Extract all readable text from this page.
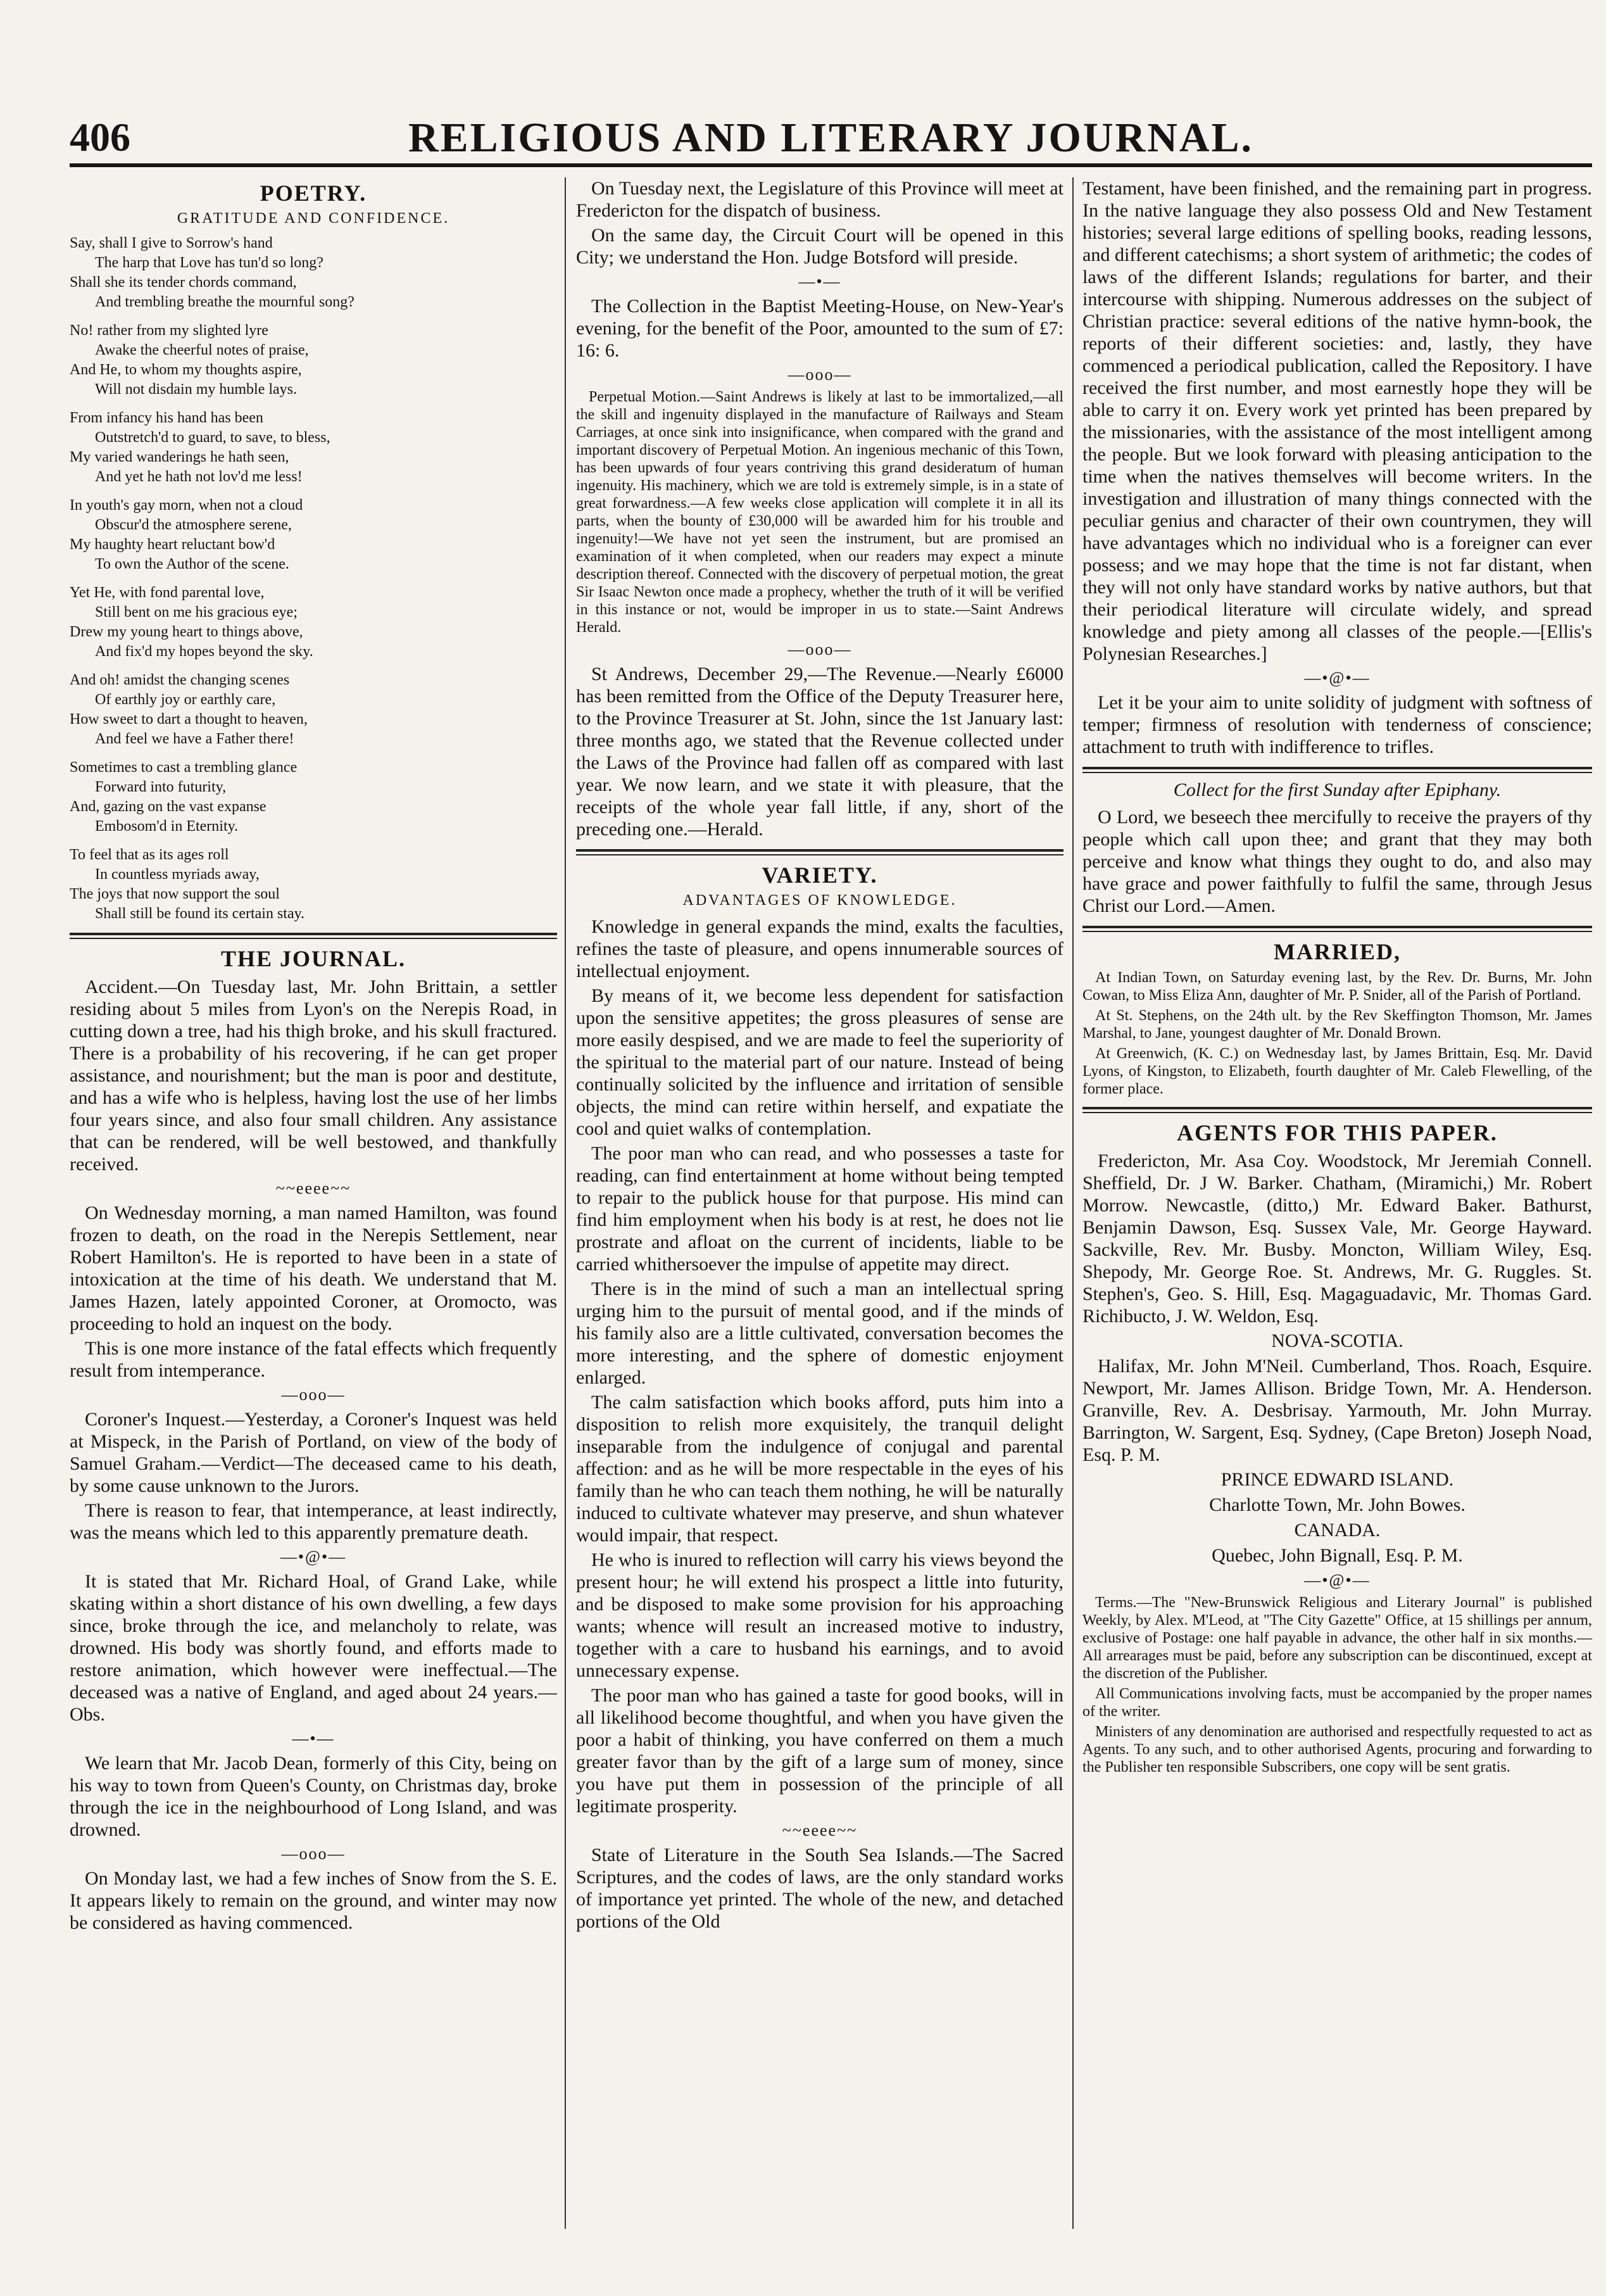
406	RELIGIOUS AND LITERARY JOURNAL.
POETRY.
GRATITUDE AND CONFIDENCE.

Say, shall I give to Sorrow's hand

The harp that Love has tun'd so long?

Shall she its tender chords command,

And trembling breathe the mournful song?

No! rather from my slighted lyre

Awake the cheerful notes of praise,

And He, to whom my thoughts aspire,

Will not disdain my humble lays.

From infancy his hand has been

Outstretch'd to guard, to save, to bless,

My varied wanderings he hath seen,

And yet he hath not lov'd me less!

In youth's gay morn, when not a cloud

Obscur'd the atmosphere serene,

My haughty heart reluctant bow'd

To own the Author of the scene.

Yet He, with fond parental love,

Still bent on me his gracious eye;

Drew my young heart to things above,

And fix'd my hopes beyond the sky.

And oh! amidst the changing scenes

Of earthly joy or earthly care,

How sweet to dart a thought to heaven,

And feel we have a Father there!

Sometimes to cast a trembling glance

Forward into futurity,

And, gazing on the vast expanse

Embosom'd in Eternity.

To feel that as its ages roll

In countless myriads away,

The joys that now support the soul

Shall still be found its certain stay.

THE JOURNAL.

Accident.—On Tuesday last, Mr. John Brittain, a settler residing about 5 miles from Lyon's on the Nerepis Road, in cutting down a tree, had his thigh broke, and his skull fractured. There is a probability of his recovering, if he can get proper assistance, and nourishment; but the man is poor and destitute, and has a wife who is helpless, having lost the use of her limbs four years since, and also four small children. Any assistance that can be rendered, will be well bestowed, and thankfully received.

~~eeee~~

On Wednesday morning, a man named Hamilton, was found frozen to death, on the road in the Nerepis Settlement, near Robert Hamilton's. He is reported to have been in a state of intoxication at the time of his death. We understand that M. James Hazen, lately appointed Coroner, at Oromocto, was proceeding to hold an inquest on the body.

This is one more instance of the fatal effects which frequently result from intemperance.

—ooo—

Coroner's Inquest.—Yesterday, a Coroner's Inquest was held at Mispeck, in the Parish of Portland, on view of the body of Samuel Graham.—Verdict—The deceased came to his death, by some cause unknown to the Jurors.

There is reason to fear, that intemperance, at least indirectly, was the means which led to this apparently premature death.

—•@•—

It is stated that Mr. Richard Hoal, of Grand Lake, while skating within a short distance of his own dwelling, a few days since, broke through the ice, and melancholy to relate, was drowned. His body was shortly found, and efforts made to restore animation, which however were ineffectual.—The deceased was a native of England, and aged about 24 years.—Obs.

—•—

We learn that Mr. Jacob Dean, formerly of this City, being on his way to town from Queen's County, on Christmas day, broke through the ice in the neighbourhood of Long Island, and was drowned.

—ooo—

On Monday last, we had a few inches of Snow from the S. E. It appears likely to remain on the ground, and winter may now be considered as having commenced.

On Tuesday next, the Legislature of this Province will meet at Fredericton for the dispatch of business.

On the same day, the Circuit Court will be opened in this City; we understand the Hon. Judge Botsford will preside.

—•—

The Collection in the Baptist Meeting-House, on New-Year's evening, for the benefit of the Poor, amounted to the sum of £7: 16: 6.

—ooo—

Perpetual Motion.—Saint Andrews is likely at last to be immortalized,—all the skill and ingenuity displayed in the manufacture of Railways and Steam Carriages, at once sink into insignificance, when compared with the grand and important discovery of Perpetual Motion. An ingenious mechanic of this Town, has been upwards of four years contriving this grand desideratum of human ingenuity. His machinery, which we are told is extremely simple, is in a state of great forwardness.—A few weeks close application will complete it in all its parts, when the bounty of £30,000 will be awarded him for his trouble and ingenuity!—We have not yet seen the instrument, but are promised an examination of it when completed, when our readers may expect a minute description thereof. Connected with the discovery of perpetual motion, the great Sir Isaac Newton once made a prophecy, whether the truth of it will be verified in this instance or not, would be improper in us to state.—Saint Andrews Herald.

—ooo—

St Andrews, December 29,—The Revenue.—Nearly £6000 has been remitted from the Office of the Deputy Treasurer here, to the Province Treasurer at St. John, since the 1st January last: three months ago, we stated that the Revenue collected under the Laws of the Province had fallen off as compared with last year. We now learn, and we state it with pleasure, that the receipts of the whole year fall little, if any, short of the preceding one.—Herald.

VARIETY.
ADVANTAGES OF KNOWLEDGE.

Knowledge in general expands the mind, exalts the faculties, refines the taste of pleasure, and opens innumerable sources of intellectual enjoyment.

By means of it, we become less dependent for satisfaction upon the sensitive appetites; the gross pleasures of sense are more easily despised, and we are made to feel the superiority of the spiritual to the material part of our nature. Instead of being continually solicited by the influence and irritation of sensible objects, the mind can retire within herself, and expatiate the cool and quiet walks of contemplation.

The poor man who can read, and who possesses a taste for reading, can find entertainment at home without being tempted to repair to the publick house for that purpose. His mind can find him employment when his body is at rest, he does not lie prostrate and afloat on the current of incidents, liable to be carried whithersoever the impulse of appetite may direct.

There is in the mind of such a man an intellectual spring urging him to the pursuit of mental good, and if the minds of his family also are a little cultivated, conversation becomes the more interesting, and the sphere of domestic enjoyment enlarged.

The calm satisfaction which books afford, puts him into a disposition to relish more exquisitely, the tranquil delight inseparable from the indulgence of conjugal and parental affection: and as he will be more respectable in the eyes of his family than he who can teach them nothing, he will be naturally induced to cultivate whatever may preserve, and shun whatever would impair, that respect.

He who is inured to reflection will carry his views beyond the present hour; he will extend his prospect a little into futurity, and be disposed to make some provision for his approaching wants; whence will result an increased motive to industry, together with a care to husband his earnings, and to avoid unnecessary expense.

The poor man who has gained a taste for good books, will in all likelihood become thoughtful, and when you have given the poor a habit of thinking, you have conferred on them a much greater favor than by the gift of a large sum of money, since you have put them in possession of the principle of all legitimate prosperity.

~~eeee~~

State of Literature in the South Sea Islands.—The Sacred Scriptures, and the codes of laws, are the only standard works of importance yet printed. The whole of the new, and detached portions of the Old

Testament, have been finished, and the remaining part in progress. In the native language they also possess Old and New Testament histories; several large editions of spelling books, reading lessons, and different catechisms; a short system of arithmetic; the codes of laws of the different Islands; regulations for barter, and their intercourse with shipping. Numerous addresses on the subject of Christian practice: several editions of the native hymn-book, the reports of their different societies: and, lastly, they have commenced a periodical publication, called the Repository. I have received the first number, and most earnestly hope they will be able to carry it on. Every work yet printed has been prepared by the missionaries, with the assistance of the most intelligent among the people. But we look forward with pleasing anticipation to the time when the natives themselves will become writers. In the investigation and illustration of many things connected with the peculiar genius and character of their own countrymen, they will have advantages which no individual who is a foreigner can ever possess; and we may hope that the time is not far distant, when they will not only have standard works by native authors, but that their periodical literature will circulate widely, and spread knowledge and piety among all classes of the people.—[Ellis's Polynesian Researches.]

—•@•—

Let it be your aim to unite solidity of judgment with softness of temper; firmness of resolution with tenderness of conscience; attachment to truth with indifference to trifles.

Collect for the first Sunday after Epiphany.

O Lord, we beseech thee mercifully to receive the prayers of thy people which call upon thee; and grant that they may both perceive and know what things they ought to do, and also may have grace and power faithfully to fulfil the same, through Jesus Christ our Lord.—Amen.

MARRIED,

At Indian Town, on Saturday evening last, by the Rev. Dr. Burns, Mr. John Cowan, to Miss Eliza Ann, daughter of Mr. P. Snider, all of the Parish of Portland.

At St. Stephens, on the 24th ult. by the Rev Skeffington Thomson, Mr. James Marshal, to Jane, youngest daughter of Mr. Donald Brown.

At Greenwich, (K. C.) on Wednesday last, by James Brittain, Esq. Mr. David Lyons, of Kingston, to Elizabeth, fourth daughter of Mr. Caleb Flewelling, of the former place.

AGENTS FOR THIS PAPER.

Fredericton, Mr. Asa Coy. Woodstock, Mr Jeremiah Connell. Sheffield, Dr. J W. Barker. Chatham, (Miramichi,) Mr. Robert Morrow. Newcastle, (ditto,) Mr. Edward Baker. Bathurst, Benjamin Dawson, Esq. Sussex Vale, Mr. George Hayward. Sackville, Rev. Mr. Busby. Moncton, William Wiley, Esq. Shepody, Mr. George Roe. St. Andrews, Mr. G. Ruggles. St. Stephen's, Geo. S. Hill, Esq. Magaguadavic, Mr. Thomas Gard. Richibucto, J. W. Weldon, Esq.

NOVA-SCOTIA.

Halifax, Mr. John M'Neil. Cumberland, Thos. Roach, Esquire. Newport, Mr. James Allison. Bridge Town, Mr. A. Henderson. Granville, Rev. A. Desbrisay. Yarmouth, Mr. John Murray. Barrington, W. Sargent, Esq. Sydney, (Cape Breton) Joseph Noad, Esq. P. M.

PRINCE EDWARD ISLAND.
Charlotte Town, Mr. John Bowes.
CANADA.
Quebec, John Bignall, Esq. P. M.
—•@•—

Terms.—The "New-Brunswick Religious and Literary Journal" is published Weekly, by Alex. M'Leod, at "The City Gazette" Office, at 15 shillings per annum, exclusive of Postage: one half payable in advance, the other half in six months.—All arrearages must be paid, before any subscription can be discontinued, except at the discretion of the Publisher.

All Communications involving facts, must be accompanied by the proper names of the writer.

Ministers of any denomination are authorised and respectfully requested to act as Agents. To any such, and to other authorised Agents, procuring and forwarding to the Publisher ten responsible Subscribers, one copy will be sent gratis.
